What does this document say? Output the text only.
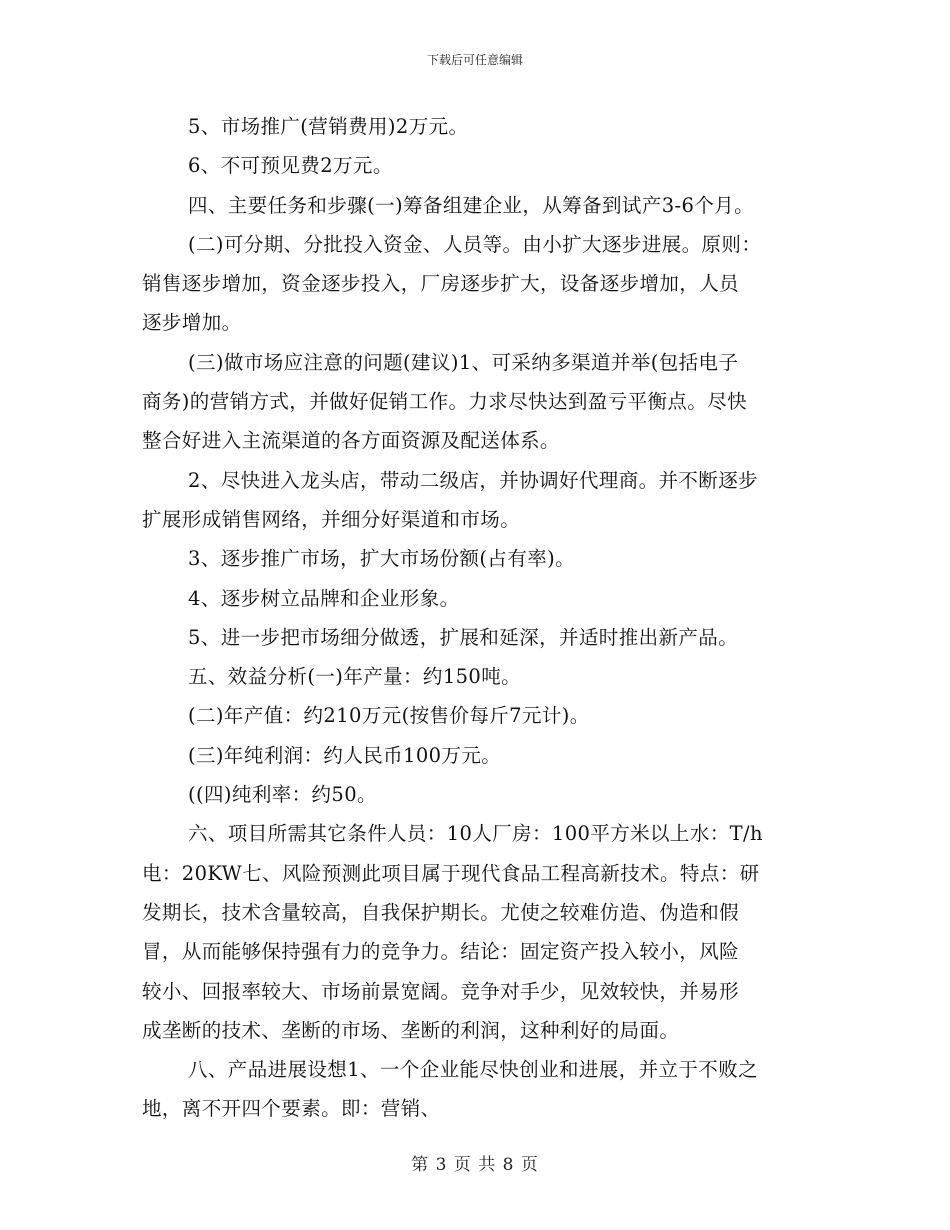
下载后可任意编辑
5、市场推广(营销费用)2万元。
6、不可预见费2万元。
四、主要任务和步骤(一)筹备组建企业，从筹备到试产3-6个月。
(二)可分期、分批投入资金、人员等。由小扩大逐步进展。原则：
销售逐步增加，资金逐步投入，厂房逐步扩大，设备逐步增加，人员
逐步增加。
(三)做市场应注意的问题(建议)1、可采纳多渠道并举(包括电子
商务)的营销方式，并做好促销工作。力求尽快达到盈亏平衡点。尽快
整合好进入主流渠道的各方面资源及配送体系。
2、尽快进入龙头店，带动二级店，并协调好代理商。并不断逐步
扩展形成销售网络，并细分好渠道和市场。
3、逐步推广市场，扩大市场份额(占有率)。
4、逐步树立品牌和企业形象。
5、进一步把市场细分做透，扩展和延深，并适时推出新产品。
五、效益分析(一)年产量：约150吨。
(二)年产值：约210万元(按售价每斤7元计)。
(三)年纯利润：约人民币100万元。
((四)纯利率：约50。
六、项目所需其它条件人员：10人厂房：100平方米以上水：T/h
电：20KW七、风险预测此项目属于现代食品工程高新技术。特点：研
发期长，技术含量较高，自我保护期长。尤使之较难仿造、伪造和假
冒，从而能够保持强有力的竞争力。结论：固定资产投入较小，风险
较小、回报率较大、市场前景宽阔。竞争对手少，见效较快，并易形
成垄断的技术、垄断的市场、垄断的利润，这种利好的局面。
八、产品进展设想1、一个企业能尽快创业和进展，并立于不败之
地，离不开四个要素。即：营销、
第 3 页 共 8 页
